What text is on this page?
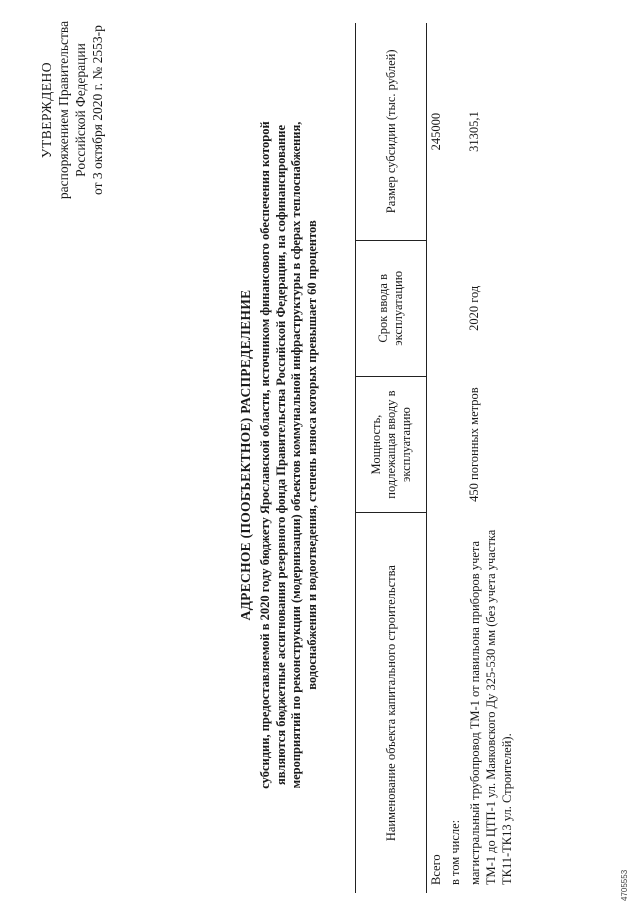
УТВЕРЖДЕНО распоряжением Правительства Российской Федерации от 3 октября 2020 г. № 2553-р
АДРЕСНОЕ (ПООБЪЕКТНОЕ) РАСПРЕДЕЛЕНИЕ субсидии, предоставляемой в 2020 году бюджету Ярославской области, источником финансового обеспечения которой являются бюджетные ассигнования резервного фонда Правительства Российской Федерации, на софинансирование мероприятий по реконструкции (модернизации) объектов коммунальной инфраструктуры в сферах теплоснабжения, водоснабжения и водоотведения, степень износа которых превышает 60 процентов
Наименование объекта капитального строительства	Мощность, подлежащая вводу в эксплуатацию	Срок ввода в эксплуатацию	Размер субсидии (тыс. рублей)
Всего			245000
в том числе:			
магистральный трубопровод ТМ-1 от павильона приборов учета ТМ-1 до ЦТП-1 ул. Маяковского Ду 325-530 мм (без учета участка ТК11-ТК13 ул. Строителей).	450 погонных метров	2020 год	31305,1
4705553
